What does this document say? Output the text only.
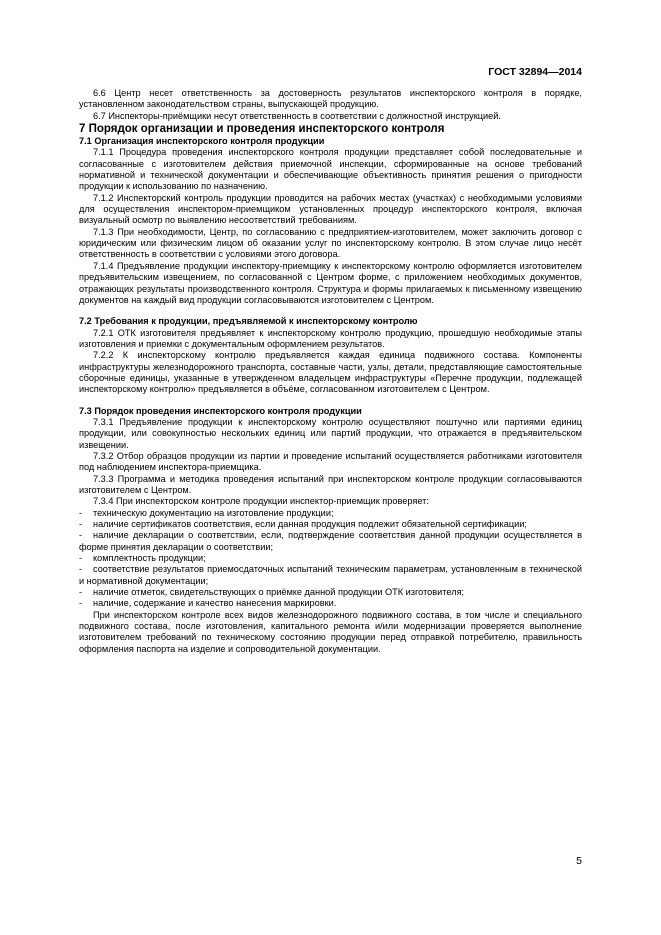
ГОСТ 32894—2014

6.6 Центр несет ответственность за достоверность результатов инспекторского контроля в порядке, установленном законодательством страны, выпускающей продукцию.

6.7 Инспекторы-приёмщики несут ответственность в соответствии с должностной инструкцией.

7 Порядок организации и проведения инспекторского контроля

7.1 Организация инспекторского контроля продукции

7.1.1 Процедура проведения инспекторского контроля продукции представляет собой последовательные и согласованные с изготовителем действия приемочной инспекции, сформированные на основе требований нормативной и технической документации и обеспечивающие объективность принятия решения о пригодности продукции к использованию по назначению.

7.1.2 Инспекторский контроль продукции проводится на рабочих местах (участках) с необходимыми условиями для осуществления инспектором-приемщиком установленных процедур инспекторского контроля, включая визуальный осмотр по выявлению несоответствий требованиям.

7.1.3 При необходимости, Центр, по согласованию с предприятием-изготовителем, может заключить договор с юридическим или физическим лицом об оказании услуг по инспекторскому контролю. В этом случае лицо несёт ответственность в соответствии с условиями этого договора.

7.1.4 Предъявление продукции инспектору-приемщику к инспекторскому контролю оформляется изготовителем предъявительским извещением, по согласованной с Центром форме, с приложением необходимых документов, отражающих результаты производственного контроля. Структура и формы прилагаемых к письменному извещению документов на каждый вид продукции согласовываются изготовителем с Центром.

7.2 Требования к продукции, предъявляемой к инспекторскому контролю

7.2.1 ОТК изготовителя предъявляет к инспекторскому контролю продукцию, прошедшую необходимые этапы изготовления и приемки с документальным оформлением результатов.

7.2.2 К инспекторскому контролю предъявляется каждая единица подвижного состава. Компоненты инфраструктуры железнодорожного транспорта, составные части, узлы, детали, представляющие самостоятельные сборочные единицы, указанные в утвержденном владельцем инфраструктуры «Перечне продукции, подлежащей инспекторскому контролю» предъявляется в объёме, согласованном изготовителем с Центром.

7.3 Порядок проведения инспекторского контроля продукции

7.3.1 Предъявление продукции к инспекторскому контролю осуществляют поштучно или партиями единиц продукции, или совокупностью нескольких единиц или партий продукции, что отражается в предъявительском извещении.

7.3.2 Отбор образцов продукции из партии и проведение испытаний осуществляется работниками изготовителя под наблюдением инспектора-приемщика.

7.3.3 Программа и методика проведения испытаний при инспекторском контроле продукции согласовываются изготовителем с Центром.

7.3.4 При инспекторском контроле продукции инспектор-приемщик проверяет:

- техническую документацию на изготовление продукции;

- наличие сертификатов соответствия, если данная продукция подлежит обязательной сертификации;

- наличие декларации о соответствии, если, подтверждение соответствия данной продукции осуществляется в форме принятия декларации о соответствии;

- комплектность продукции;

- соответствие результатов приемосдаточных испытаний техническим параметрам, установленным в технической и нормативной документации;

- наличие отметок, свидетельствующих о приёмке данной продукции ОТК изготовителя;

- наличие, содержание и качество нанесения маркировки.

При инспекторском контроле всех видов железнодорожного подвижного состава, в том числе и специального подвижного состава, после изготовления, капитального ремонта и/или модернизации проверяется выполнение изготовителем требований по техническому состоянию продукции перед отправкой потребителю, правильность оформления паспорта на изделие и сопроводительной документации.

5
